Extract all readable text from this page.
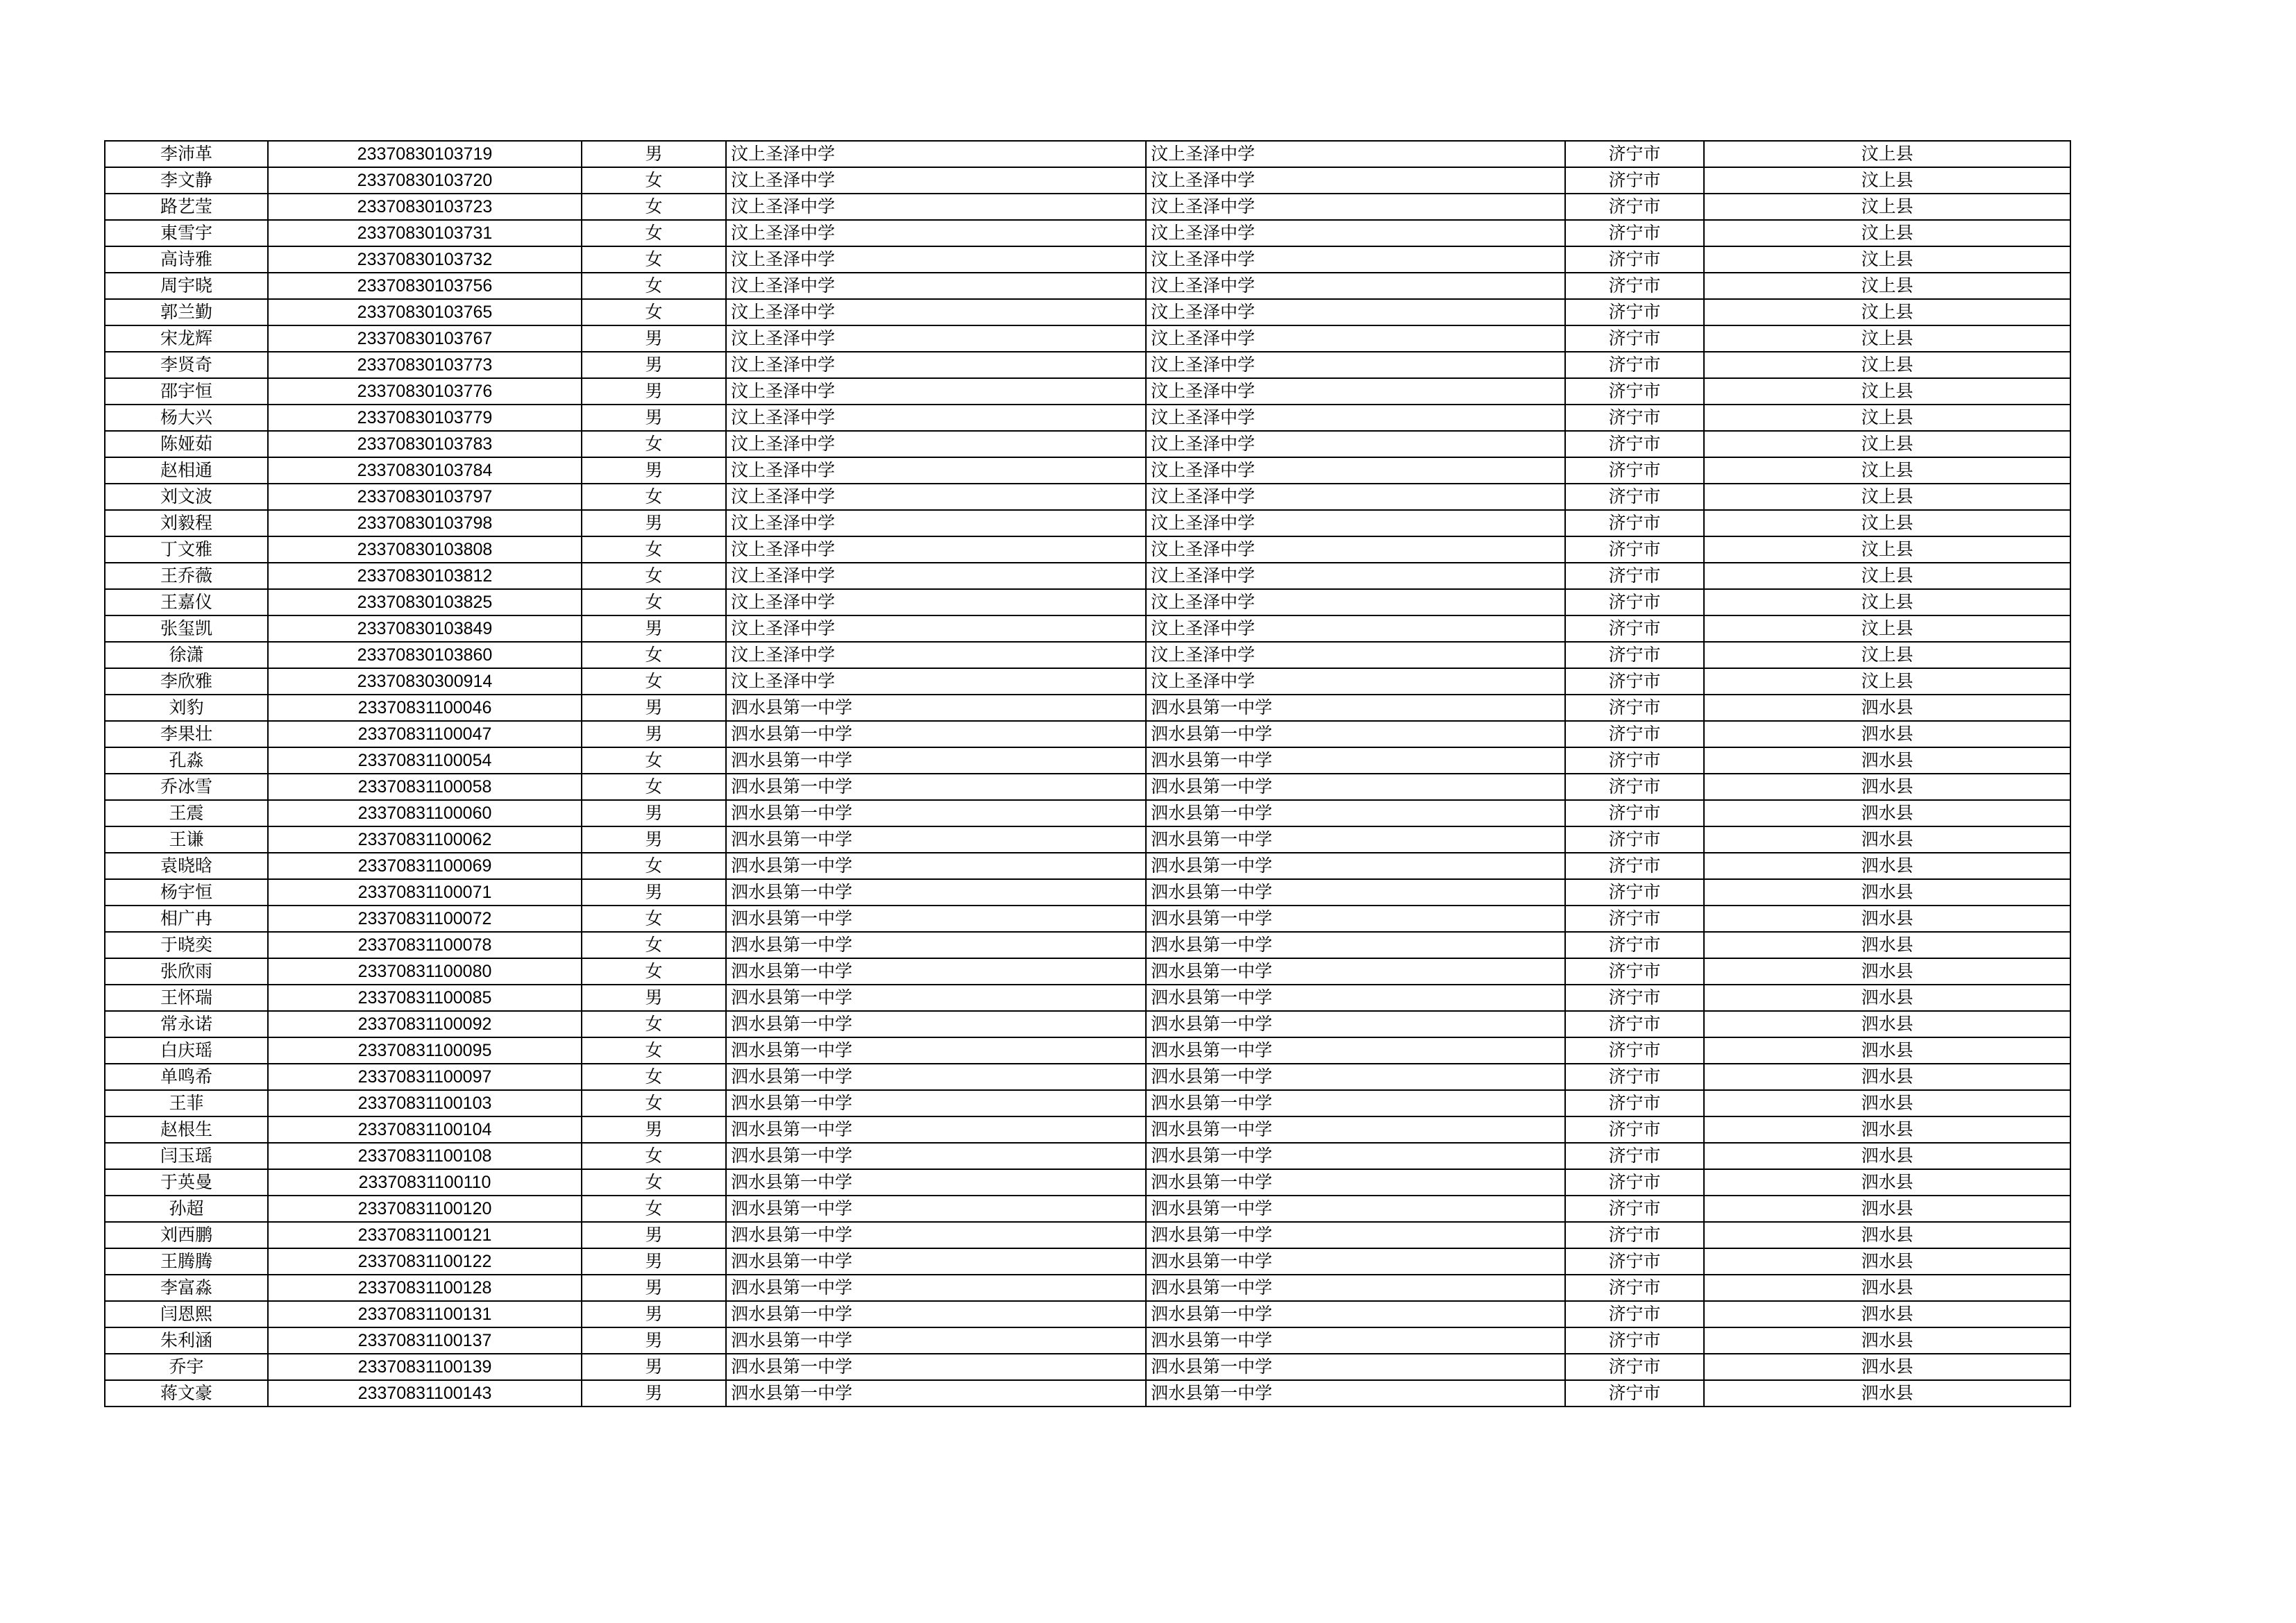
李沛革	23370830103719	男	汶上圣泽中学	汶上圣泽中学	济宁市	汶上县
李文静	23370830103720	女	汶上圣泽中学	汶上圣泽中学	济宁市	汶上县
路艺莹	23370830103723	女	汶上圣泽中学	汶上圣泽中学	济宁市	汶上县
東雪宇	23370830103731	女	汶上圣泽中学	汶上圣泽中学	济宁市	汶上县
高诗雅	23370830103732	女	汶上圣泽中学	汶上圣泽中学	济宁市	汶上县
周宇晓	23370830103756	女	汶上圣泽中学	汶上圣泽中学	济宁市	汶上县
郭兰勤	23370830103765	女	汶上圣泽中学	汶上圣泽中学	济宁市	汶上县
宋龙辉	23370830103767	男	汶上圣泽中学	汶上圣泽中学	济宁市	汶上县
李贤奇	23370830103773	男	汶上圣泽中学	汶上圣泽中学	济宁市	汶上县
邵宇恒	23370830103776	男	汶上圣泽中学	汶上圣泽中学	济宁市	汶上县
杨大兴	23370830103779	男	汶上圣泽中学	汶上圣泽中学	济宁市	汶上县
陈娅茹	23370830103783	女	汶上圣泽中学	汶上圣泽中学	济宁市	汶上县
赵相通	23370830103784	男	汶上圣泽中学	汶上圣泽中学	济宁市	汶上县
刘文波	23370830103797	女	汶上圣泽中学	汶上圣泽中学	济宁市	汶上县
刘毅程	23370830103798	男	汶上圣泽中学	汶上圣泽中学	济宁市	汶上县
丁文雅	23370830103808	女	汶上圣泽中学	汶上圣泽中学	济宁市	汶上县
王乔薇	23370830103812	女	汶上圣泽中学	汶上圣泽中学	济宁市	汶上县
王嘉仪	23370830103825	女	汶上圣泽中学	汶上圣泽中学	济宁市	汶上县
张玺凯	23370830103849	男	汶上圣泽中学	汶上圣泽中学	济宁市	汶上县
徐潇	23370830103860	女	汶上圣泽中学	汶上圣泽中学	济宁市	汶上县
李欣雅	23370830300914	女	汶上圣泽中学	汶上圣泽中学	济宁市	汶上县
刘豹	23370831100046	男	泗水县第一中学	泗水县第一中学	济宁市	泗水县
李果壮	23370831100047	男	泗水县第一中学	泗水县第一中学	济宁市	泗水县
孔淼	23370831100054	女	泗水县第一中学	泗水县第一中学	济宁市	泗水县
乔冰雪	23370831100058	女	泗水县第一中学	泗水县第一中学	济宁市	泗水县
王震	23370831100060	男	泗水县第一中学	泗水县第一中学	济宁市	泗水县
王谦	23370831100062	男	泗水县第一中学	泗水县第一中学	济宁市	泗水县
袁晓晗	23370831100069	女	泗水县第一中学	泗水县第一中学	济宁市	泗水县
杨宇恒	23370831100071	男	泗水县第一中学	泗水县第一中学	济宁市	泗水县
相广冉	23370831100072	女	泗水县第一中学	泗水县第一中学	济宁市	泗水县
于晓奕	23370831100078	女	泗水县第一中学	泗水县第一中学	济宁市	泗水县
张欣雨	23370831100080	女	泗水县第一中学	泗水县第一中学	济宁市	泗水县
王怀瑞	23370831100085	男	泗水县第一中学	泗水县第一中学	济宁市	泗水县
常永诺	23370831100092	女	泗水县第一中学	泗水县第一中学	济宁市	泗水县
白庆瑶	23370831100095	女	泗水县第一中学	泗水县第一中学	济宁市	泗水县
单鸣希	23370831100097	女	泗水县第一中学	泗水县第一中学	济宁市	泗水县
王菲	23370831100103	女	泗水县第一中学	泗水县第一中学	济宁市	泗水县
赵根生	23370831100104	男	泗水县第一中学	泗水县第一中学	济宁市	泗水县
闫玉瑶	23370831100108	女	泗水县第一中学	泗水县第一中学	济宁市	泗水县
于英曼	23370831100110	女	泗水县第一中学	泗水县第一中学	济宁市	泗水县
孙超	23370831100120	女	泗水县第一中学	泗水县第一中学	济宁市	泗水县
刘西鹏	23370831100121	男	泗水县第一中学	泗水县第一中学	济宁市	泗水县
王腾腾	23370831100122	男	泗水县第一中学	泗水县第一中学	济宁市	泗水县
李富淼	23370831100128	男	泗水县第一中学	泗水县第一中学	济宁市	泗水县
闫恩熙	23370831100131	男	泗水县第一中学	泗水县第一中学	济宁市	泗水县
朱利涵	23370831100137	男	泗水县第一中学	泗水县第一中学	济宁市	泗水县
乔宇	23370831100139	男	泗水县第一中学	泗水县第一中学	济宁市	泗水县
蒋文豪	23370831100143	男	泗水县第一中学	泗水县第一中学	济宁市	泗水县
